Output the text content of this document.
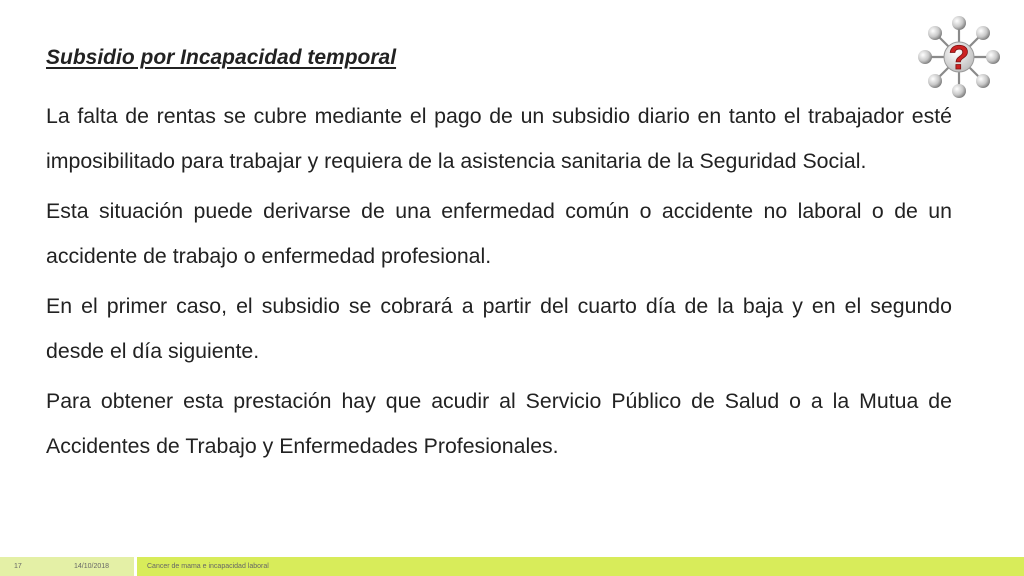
Subsidio por Incapacidad temporal	?

La falta de rentas se cubre mediante el pago de un subsidio diario en tanto el trabajador esté imposibilitado para trabajar y requiera de la asistencia sanitaria de la Seguridad Social.

Esta situación puede derivarse de una enfermedad común o accidente no laboral o de un accidente de trabajo o enfermedad profesional.

En el primer caso, el subsidio se cobrará a partir del cuarto día de la baja y en el segundo desde el día siguiente.

Para obtener esta prestación hay que acudir al Servicio Público de Salud o a la Mutua de Accidentes de Trabajo y Enfermedades Profesionales.

17	14/10/2018	Cancer de mama e incapacidad laboral
